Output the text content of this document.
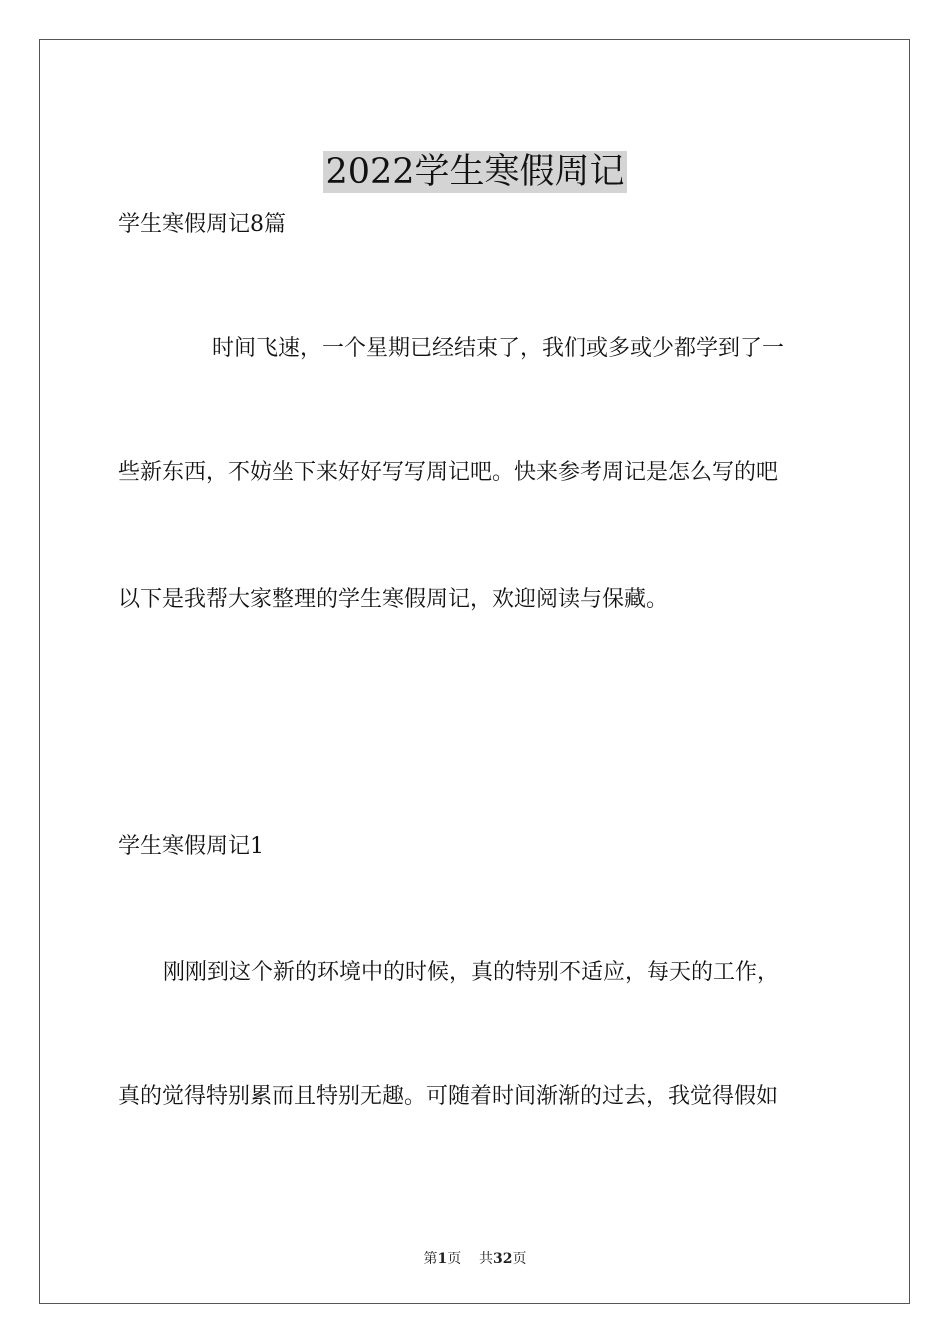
2022学生寒假周记
学生寒假周记8篇
时间飞速，一个星期已经结束了，我们或多或少都学到了一
些新东西，不妨坐下来好好写写周记吧。快来参考周记是怎么写的吧
以下是我帮大家整理的学生寒假周记，欢迎阅读与保藏。
学生寒假周记1
刚刚到这个新的环境中的时候，真的特别不适应，每天的工作，
真的觉得特别累而且特别无趣。可随着时间渐渐的过去，我觉得假如
第1页 共32页
